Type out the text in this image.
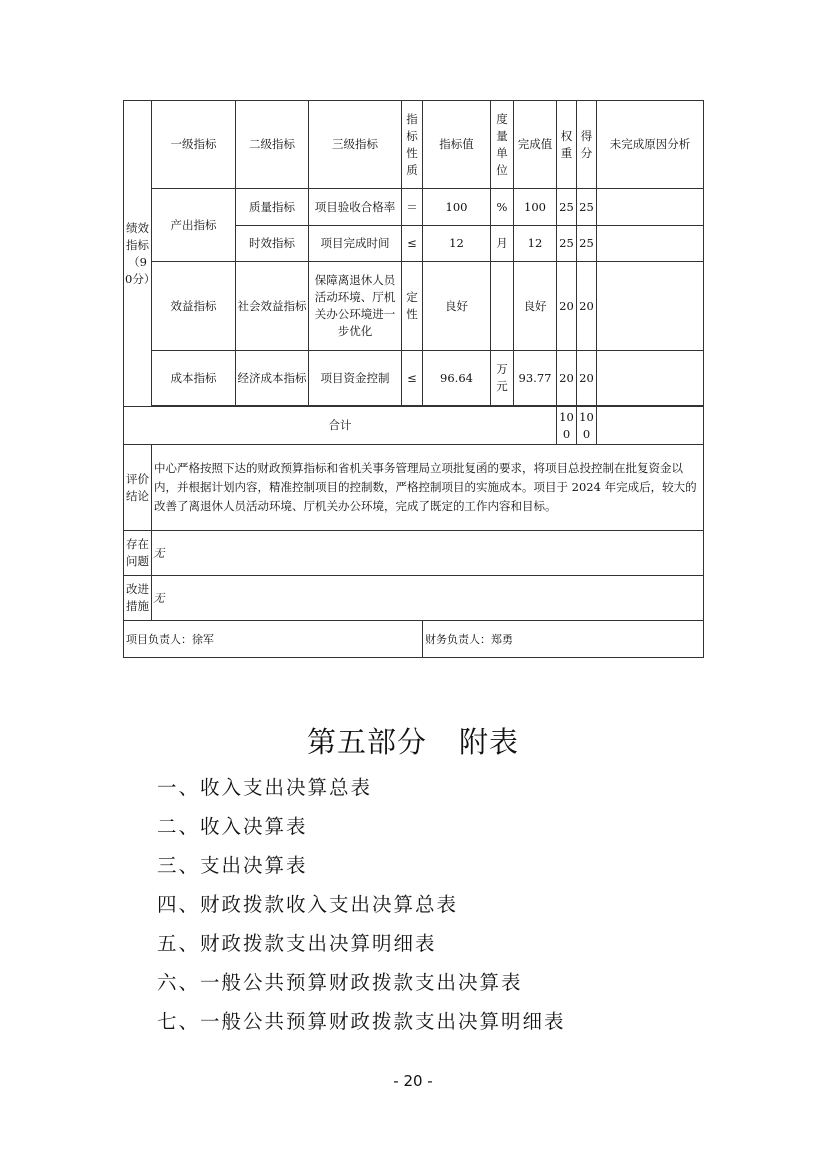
绩效指标（90分）	一级指标	二级指标	三级指标	指标性质	指标值	度量单位	完成值	权重	得分	未完成原因分析
	产出指标	质量指标	项目验收合格率	＝	100	%	100	25	25	
		时效指标	项目完成时间	≤	12	月	12	25	25	
	效益指标	社会效益指标	保障离退休人员活动环境、厅机关办公环境进一步优化	定性	良好		良好	20	20	
	成本指标	经济成本指标	项目资金控制	≤	96.64	万元	93.77	20	20	

合计								100	100	
评价结论	中心严格按照下达的财政预算指标和省机关事务管理局立项批复函的要求，将项目总投控制在批复资金以内，并根据计划内容，精准控制项目的控制数，严格控制项目的实施成本。项目于 2024 年完成后，较大的改善了离退休人员活动环境、厅机关办公环境，完成了既定的工作内容和目标。									
存在问题	无									
改进措施	无									
项目负责人：徐军					财务负责人：郑勇					
第五部分 附表
一、收入支出决算总表
二、收入决算表
三、支出决算表
四、财政拨款收入支出决算总表
五、财政拨款支出决算明细表
六、一般公共预算财政拨款支出决算表
七、一般公共预算财政拨款支出决算明细表
- 20 -
